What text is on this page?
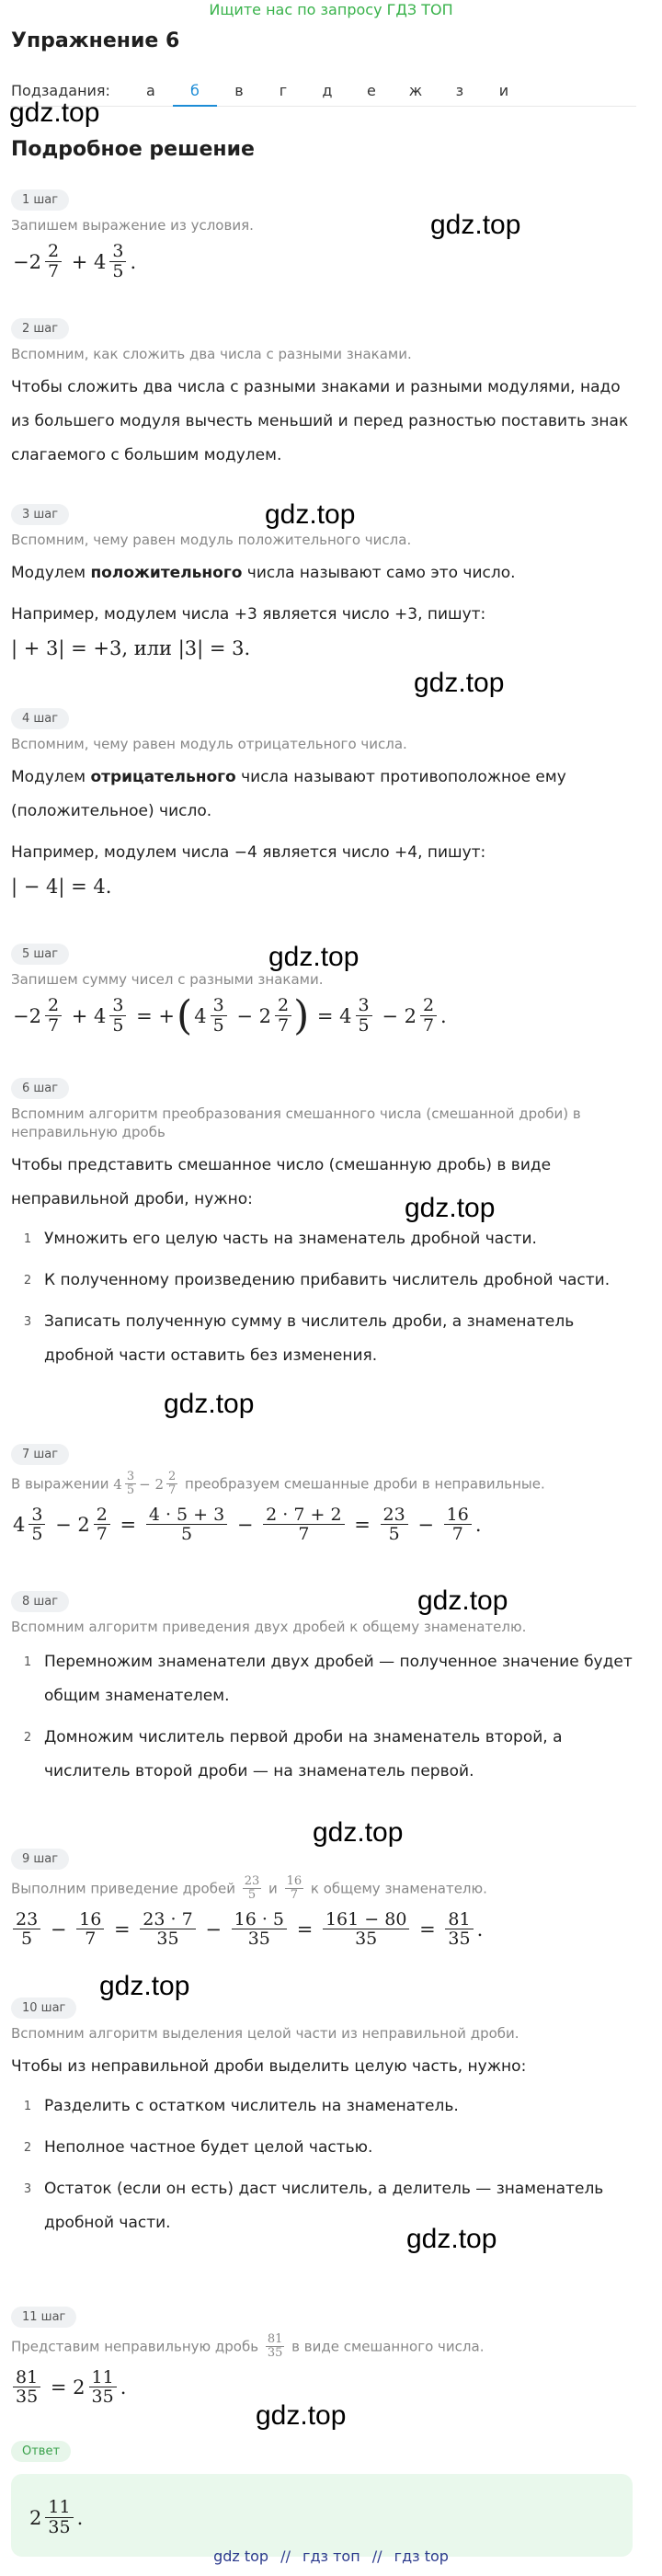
Ищите нас по запросу ГДЗ ТОП
Упражнение 6
Подзадания:	а	б	в	г	д	е	ж	з	и
gdz.top
gdz.top
gdz.top
gdz.top
gdz.top
gdz.top
gdz.top
gdz.top
gdz.top
gdz.top
gdz.top
gdz.top
Подробное решение
1 шаг
Запишем выражение из условия.
−2 2
7 + 4 3
5 .
2 шаг
Вспомним, как сложить два числа с разными знаками.
Чтобы сложить два числа с разными знаками и разными модулями, надо из большего модуля вычесть меньший и перед разностью поставить знак слагаемого с большим модулем.
3 шаг
Вспомним, чему равен модуль положительного числа.
Модулем положительного числа называют само это число.
Например, модулем числа +3 является число +3, пишут:
| + 3| = +3, или |3| = 3.
4 шаг
Вспомним, чему равен модуль отрицательного числа.
Модулем отрицательного числа называют противоположное ему (положительное) число.
Например, модулем числа −4 является число +4, пишут:
| − 4| = 4.
5 шаг
Запишем сумму чисел с разными знаками.
−2 2
$7 + 4 \frac{3}{5}$ = + ( 4 3
5 − 2 2
7 ) = 4 3
5 − 2 2
7 .
6 шаг
Вспомним алгоритм преобразования смешанного числа (смешанной дроби) в неправильную дробь
Чтобы представить смешанное число (смешанную дробь) в виде неправильной дроби, нужно:
1 Умножить его целую часть на знаменатель дробной части.
2 К полученному произведению прибавить числитель дробной части.
3 Записать полученную сумму в числитель дроби, а знаменатель дробной части оставить без изменения.
7 шаг
В выражении 4 3
5 − 2 2
7 преобразуем смешанные дроби в неправильные.
4 3
$5 - 2 \frac{2}{7} = \frac{4 \cdot 5 + 3}{5} - \frac{2 \cdot 7 + 2}{7} = \frac{23}{5} - \frac{16}{7}$ .
8 шаг
Вспомним алгоритм приведения двух дробей к общему знаменателю.
1 Перемножим знаменатели двух дробей — полученное значение будет общим знаменателем.
2 Домножим числитель первой дроби на знаменатель второй, а числитель второй дроби — на знаменатель первой.
9 шаг
Выполним приведение дробей $\frac{23}{5}$ и $\frac{16}{7}$ к общему знаменателю.
23
$5 - \frac{16}{7} = \frac{23 \cdot 7}{35} - \frac{16 \cdot 5}{35} = \frac{161 - 80}{35} = \frac{81}{35}$ .
10 шаг
Вспомним алгоритм выделения целой части из неправильной дроби.
Чтобы из неправильной дроби выделить целую часть, нужно:
1 Разделить с остатком числитель на знаменатель.
2 Неполное частное будет целой частью.
3 Остаток (если он есть) даст числитель, а делитель — знаменатель дробной части.
11 шаг
Представим неправильную дробь $\frac{81}{35}$ в виде смешанного числа.
$\frac{81}{35} = 2$ 11
35 .
Ответ
2 11
35 .
gdz top // гдз топ // гдз top
